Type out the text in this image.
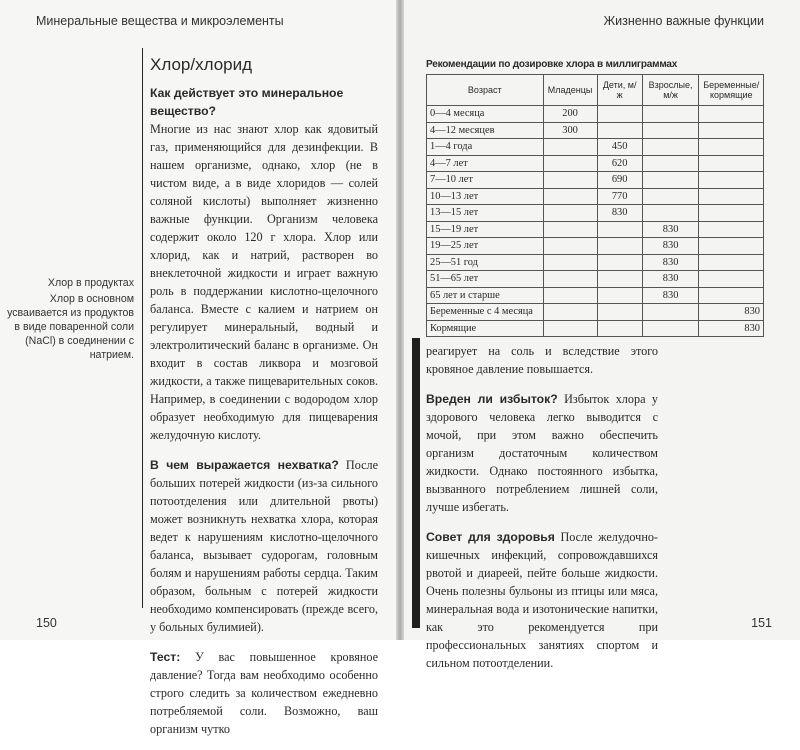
Минеральные вещества и микроэлементы	Жизненно важные функции
Хлор в продуктах
Хлор в основном усваивается из продуктов в виде поваренной соли (NaCl) в соединении с натрием.
Хлор/хлорид
Как действует это минеральное вещество?

Многие из нас знают хлор как ядовитый газ, применяющийся для дезинфекции. В нашем организме, однако, хлор (не в чистом виде, а в виде хлоридов — солей соляной кислоты) выполняет жизненно важные функции. Организм человека содержит около 120 г хлора. Хлор или хлорид, как и натрий, растворен во внеклеточной жидкости и играет важную роль в поддержании кислотно-щелочного баланса. Вместе с калием и натрием он регулирует минеральный, водный и электролитический баланс в организме. Он входит в состав ликвора и мозговой жидкости, а также пищеварительных соков. Например, в соединении с водородом хлор образует необходимую для пищеварения желудочную кислоту.

В чем выражается нехватка? После больших потерей жидкости (из-за сильного потоотделения или длительной рвоты) может возникнуть нехватка хлора, которая ведет к нарушениям кислотно-щелочного баланса, вызывает судорогам, головным болям и нарушениям работы сердца. Таким образом, больным с потерей жидкости необходимо компенсировать (прежде всего, у больных булимией).

Тест: У вас повышенное кровяное давление? Тогда вам необходимо особенно строго следить за количеством ежедневно потребляемой соли. Возможно, ваш организм чутко

150
Рекомендации по дозировке хлора в миллиграммах
Возраст	Младенцы	Дети, м/ж	Взрослые, м/ж	Беременные/ кормящие
0—4 месяца	200			
4—12 месяцев	300			
1—4 года		450		
4—7 лет		620		
7—10 лет		690		
10—13 лет		770		
13—15 лет		830		
15—19 лет			830	
19—25 лет			830	
25—51 год			830	
51—65 лет			830	
65 лет и старше			830	
Беременные с 4 месяца				830
Кормящие				830

реагирует на соль и вследствие этого кровяное давление повышается.

Вреден ли избыток? Избыток хлора у здорового человека легко выводится с мочой, при этом важно обеспечить организм достаточным количеством жидкости. Однако постоянного избытка, вызванного потреблением лишней соли, лучше избегать.

Совет для здоровья После желудочно-кишечных инфекций, сопровождавшихся рвотой и диареей, пейте больше жидкости. Очень полезны бульоны из птицы или мяса, минеральная вода и изотонические напитки, как это рекомендуется при профессиональных занятиях спортом и сильном потоотделении.

151
